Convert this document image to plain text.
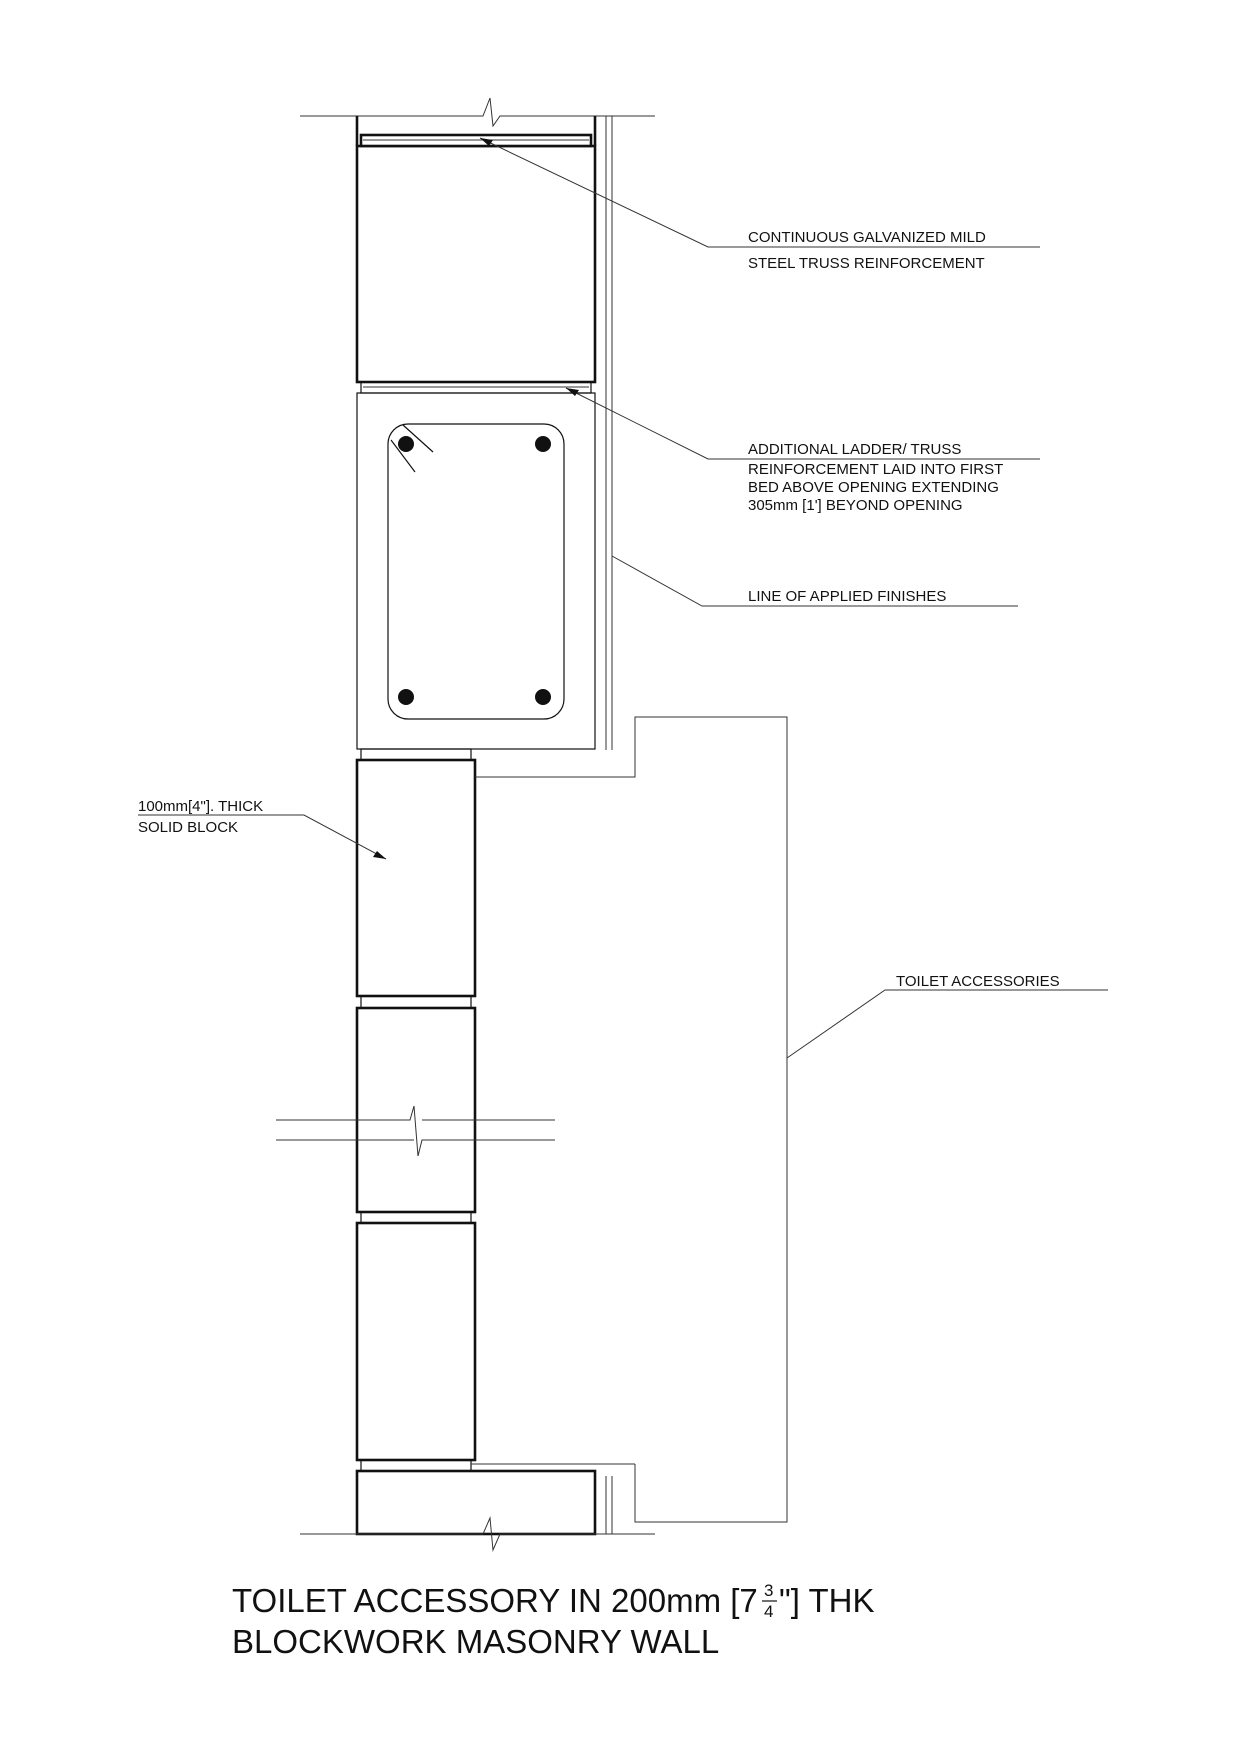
CONTINUOUS GALVANIZED MILD
STEEL TRUSS REINFORCEMENT
ADDITIONAL LADDER/ TRUSS
REINFORCEMENT LAID INTO FIRST
BED ABOVE OPENING EXTENDING
305mm [1'] BEYOND OPENING
LINE OF APPLIED FINISHES
100mm[4"]. THICK
SOLID BLOCK
TOILET ACCESSORIES
TOILET ACCESSORY IN 200mm [7 3
4 "] THK
BLOCKWORK MASONRY WALL
